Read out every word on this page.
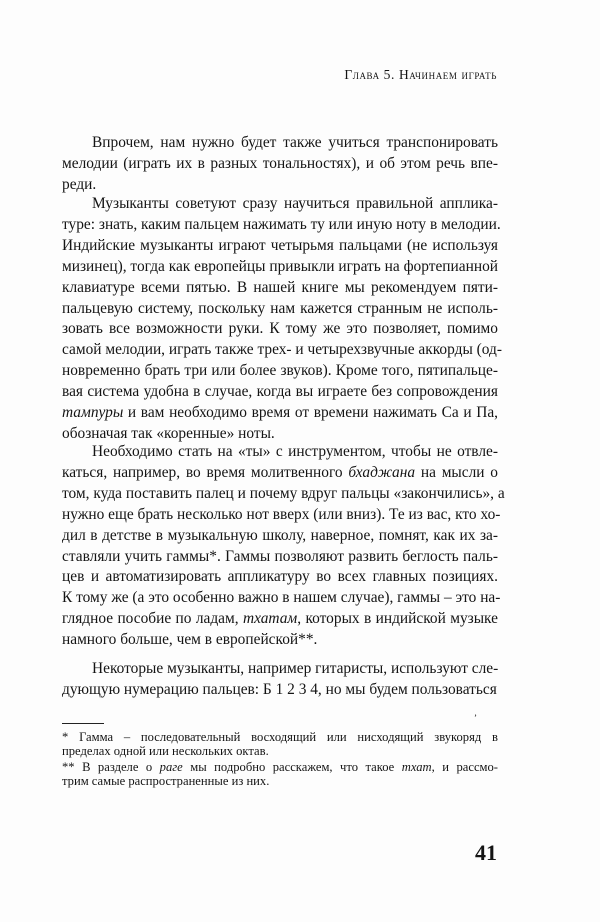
Глава 5. Начинаем играть
Впрочем, нам нужно будет также учиться транспонировать
мелодии (играть их в разных тональностях), и об этом речь впе-
реди.
Музыканты советуют сразу научиться правильной апплика-
туре: знать, каким пальцем нажимать ту или иную ноту в мелодии.
Индийские музыканты играют четырьмя пальцами (не используя
мизинец), тогда как европейцы привыкли играть на фортепианной
клавиатуре всеми пятью. В нашей книге мы рекомендуем пяти-
пальцевую систему, поскольку нам кажется странным не исполь-
зовать все возможности руки. К тому же это позволяет, помимо
самой мелодии, играть также трех- и четырехзвучные аккорды (од-
новременно брать три или более звуков). Кроме того, пятипальце-
вая система удобна в случае, когда вы играете без сопровождения
тампуры и вам необходимо время от времени нажимать Са и Па,
обозначая так «коренные» ноты.
Необходимо стать на «ты» с инструментом, чтобы не отвле-
каться, например, во время молитвенного бхаджана на мысли о
том, куда поставить палец и почему вдруг пальцы «закончились», а
нужно еще брать несколько нот вверх (или вниз). Те из вас, кто хо-
дил в детстве в музыкальную школу, наверное, помнят, как их за-
ставляли учить гаммы*. Гаммы позволяют развить беглость паль-
цев и автоматизировать аппликатуру во всех главных позициях.
К тому же (а это особенно важно в нашем случае), гаммы – это на-
глядное пособие по ладам, тхатам, которых в индийской музыке
намного больше, чем в европейской**.
Некоторые музыканты, например гитаристы, используют сле-
дующую нумерацию пальцев: Б 1 2 3 4, но мы будем пользоваться
ʼ
* Гамма – последовательный восходящий или нисходящий звукоряд в
пределах одной или нескольких октав.
** В разделе о раге мы подробно расскажем, что такое тхат, и рассмо-
трим самые распространенные из них.
41
